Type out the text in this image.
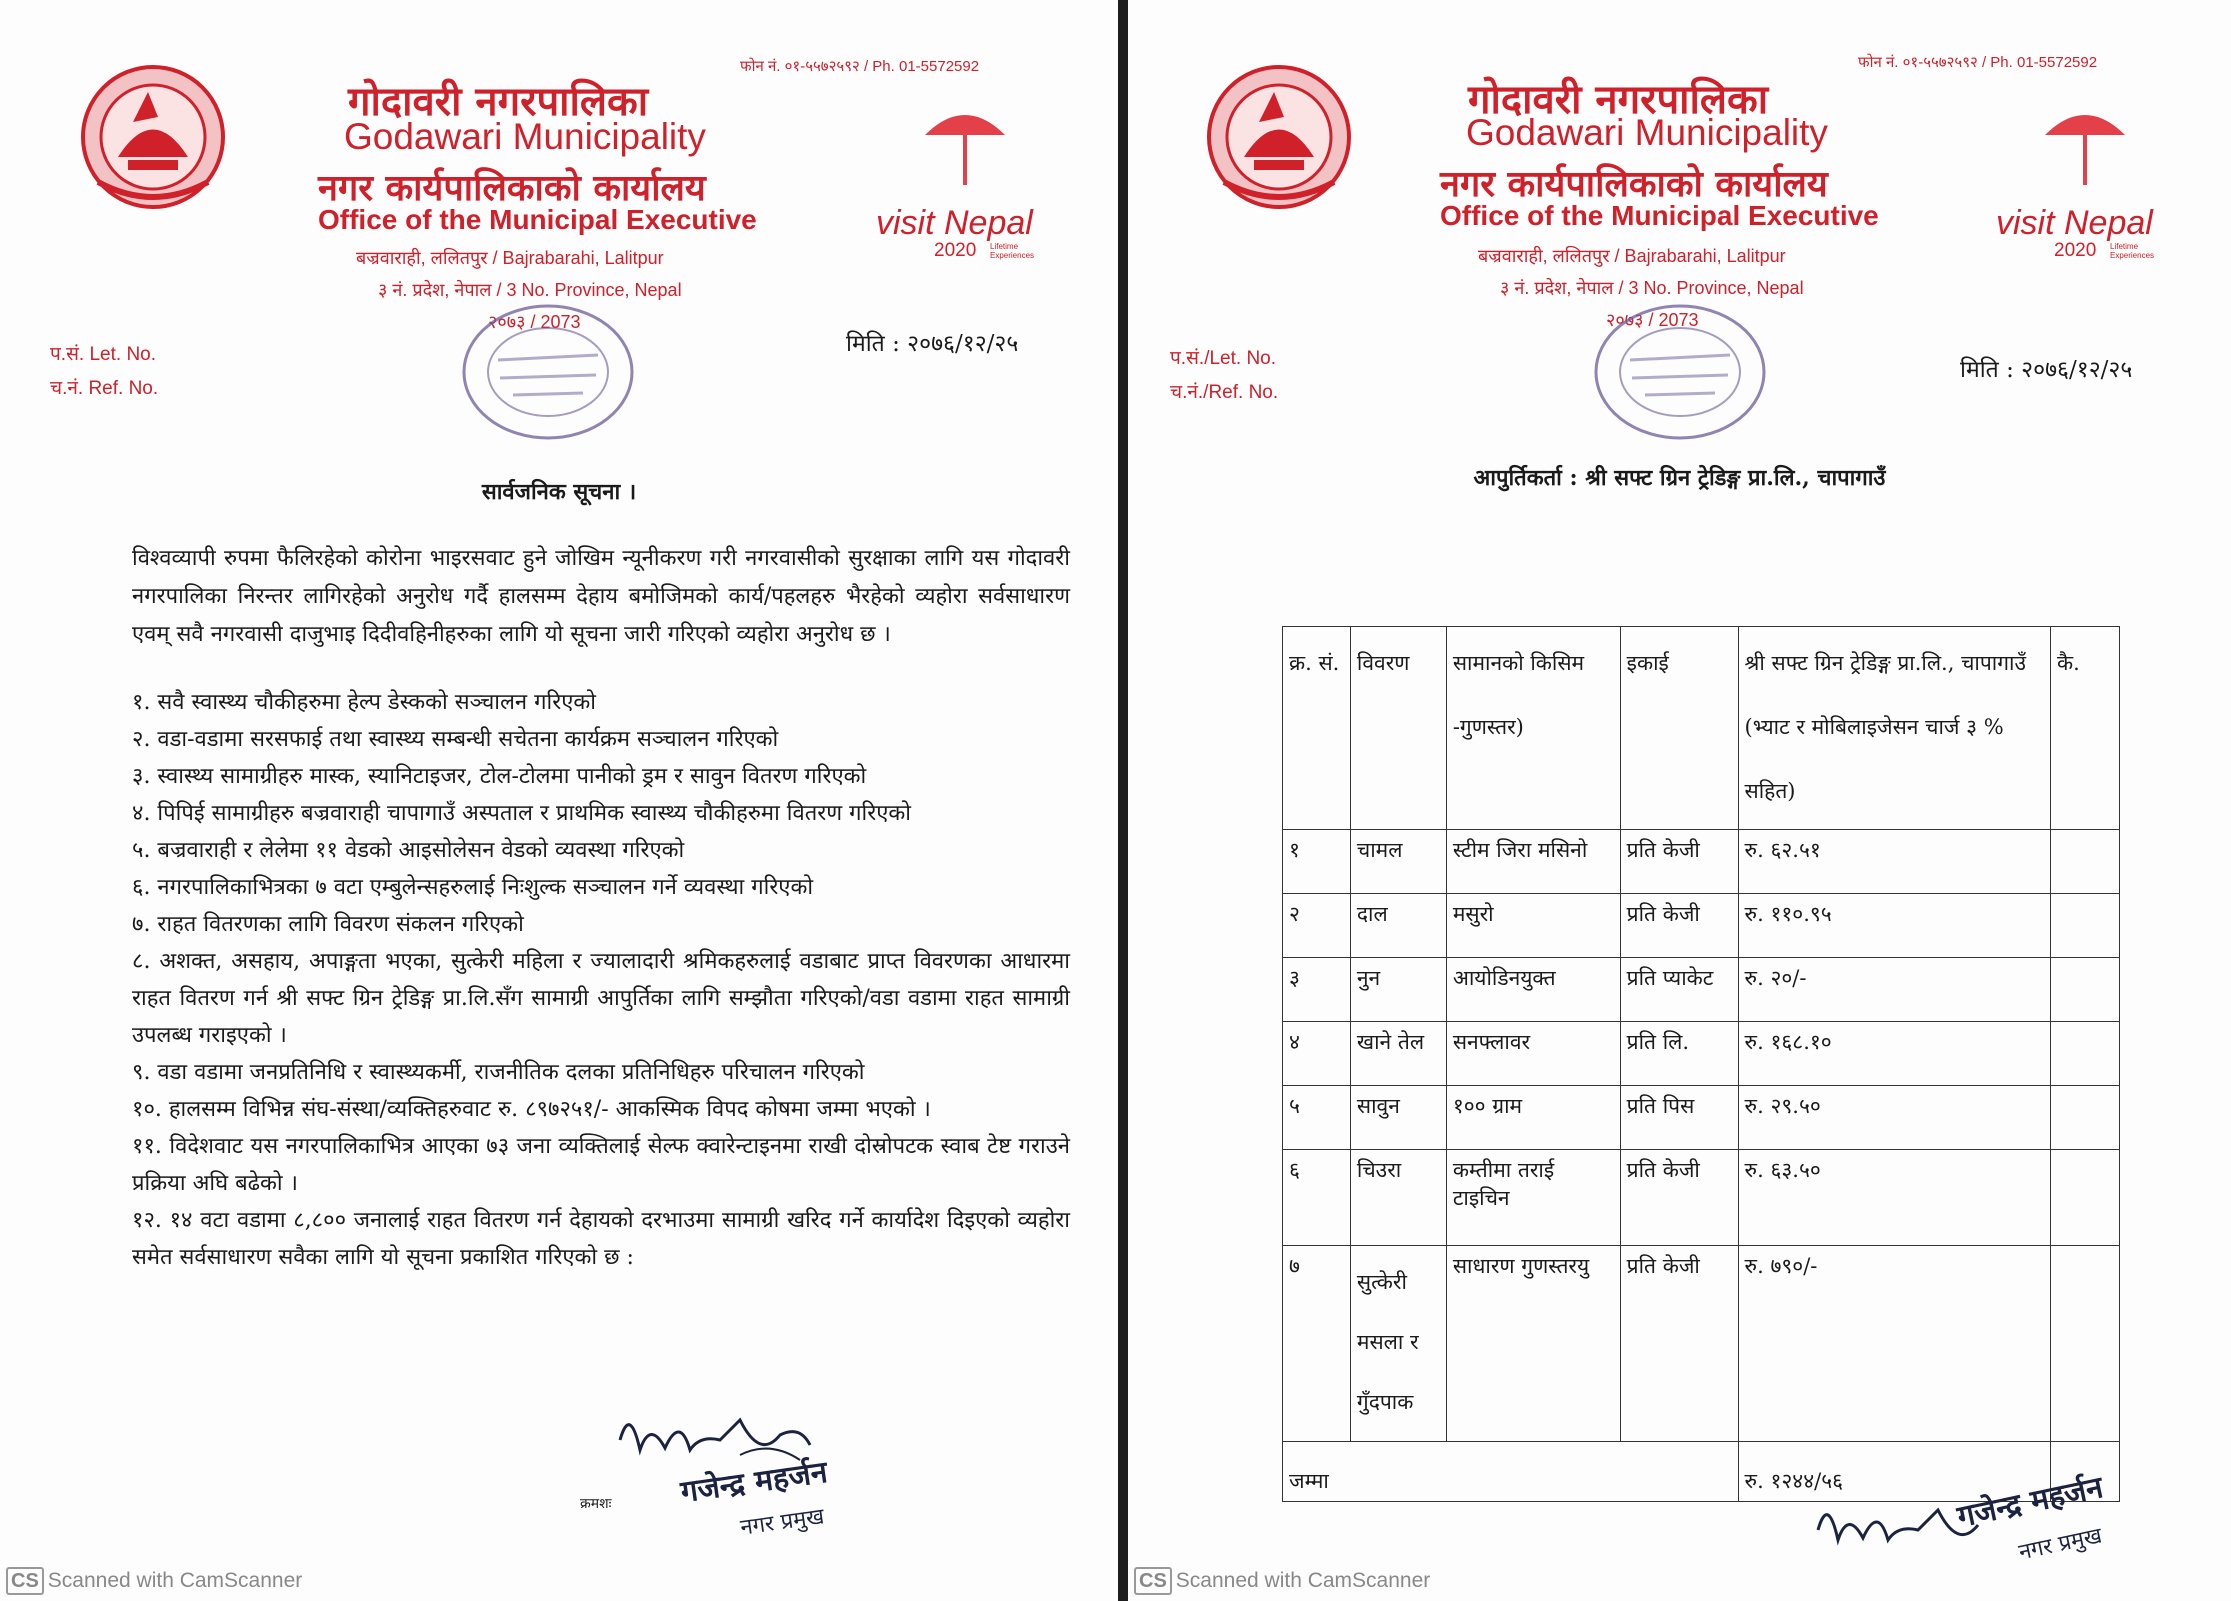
फोन नं. ०१-५५७२५९२ / Ph. 01-5572592
गोदावरी नगरपालिका
Godawari Municipality
नगर कार्यपालिकाको कार्यालय
Office of the Municipal Executive
बज्रवाराही, ललितपुर / Bajrabarahi, Lalitpur
३ नं. प्रदेश, नेपाल / 3 No. Province, Nepal
२०७३ / 2073
visit Nepal
2020 Lifetime Experiences
प.सं. Let. No.
च.नं. Ref. No.
मिति : २०७६/१२/२५
सार्वजनिक सूचना ।

विश्वव्यापी रुपमा फैलिरहेको कोरोना भाइरसवाट हुने जोखिम न्यूनीकरण गरी नगरवासीको सुरक्षाका लागि यस गोदावरी नगरपालिका निरन्तर लागिरहेको अनुरोध गर्दै हालसम्म देहाय बमोजिमको कार्य/पहलहरु भैरहेको व्यहोरा सर्वसाधारण एवम् सवै नगरवासी दाजुभाइ दिदीवहिनीहरुका लागि यो सूचना जारी गरिएको व्यहोरा अनुरोध छ ।

१. सवै स्वास्थ्य चौकीहरुमा हेल्प डेस्कको सञ्चालन गरिएको

२. वडा-वडामा सरसफाई तथा स्वास्थ्य सम्बन्धी सचेतना कार्यक्रम सञ्चालन गरिएको

३. स्वास्थ्य सामाग्रीहरु मास्क, स्यानिटाइजर, टोल-टोलमा पानीको ड्रम र सावुन वितरण गरिएको

४. पिपिई सामाग्रीहरु बज्रवाराही चापागाउँ अस्पताल र प्राथमिक स्वास्थ्य चौकीहरुमा वितरण गरिएको

५. बज्रवाराही र लेलेमा ११ वेडको आइसोलेसन वेडको व्यवस्था गरिएको

६. नगरपालिकाभित्रका ७ वटा एम्बुलेन्सहरुलाई निःशुल्क सञ्चालन गर्ने व्यवस्था गरिएको

७. राहत वितरणका लागि विवरण संकलन गरिएको

८. अशक्त, असहाय, अपाङ्गता भएका, सुत्केरी महिला र ज्यालादारी श्रमिकहरुलाई वडाबाट प्राप्त विवरणका आधारमा राहत वितरण गर्न श्री सफ्ट ग्रिन ट्रेडिङ्ग प्रा.लि.सँग सामाग्री आपुर्तिका लागि सम्झौता गरिएको/वडा वडामा राहत सामाग्री उपलब्ध गराइएको ।

९. वडा वडामा जनप्रतिनिधि र स्वास्थ्यकर्मी, राजनीतिक दलका प्रतिनिधिहरु परिचालन गरिएको

१०. हालसम्म विभिन्न संघ-संस्था/व्यक्तिहरुवाट रु. ८९७२५१/- आकस्मिक विपद कोषमा जम्मा भएको ।

११. विदेशवाट यस नगरपालिकाभित्र आएका ७३ जना व्यक्तिलाई सेल्फ क्वारेन्टाइनमा राखी दोस्रोपटक स्वाब टेष्ट गराउने प्रक्रिया अघि बढेको ।

१२. १४ वटा वडामा ८,८०० जनालाई राहत वितरण गर्न देहायको दरभाउमा सामाग्री खरिद गर्ने कार्यादेश दिइएको व्यहोरा समेत सर्वसाधारण सवैका लागि यो सूचना प्रकाशित गरिएको छ :

क्रमशः गजेन्द्र महर्जन
नगर प्रमुख
CS Scanned with CamScanner
फोन नं. ०१-५५७२५९२ / Ph. 01-5572592
गोदावरी नगरपालिका
Godawari Municipality
नगर कार्यपालिकाको कार्यालय
Office of the Municipal Executive
बज्रवाराही, ललितपुर / Bajrabarahi, Lalitpur
३ नं. प्रदेश, नेपाल / 3 No. Province, Nepal
२०७३ / 2073
visit Nepal
2020 Lifetime Experiences
प.सं./Let. No.
च.नं./Ref. No.
मिति : २०७६/१२/२५
आपुर्तिकर्ता : श्री सफ्ट ग्रिन ट्रेडिङ्ग प्रा.लि., चापागाउँ
क्र. सं.	विवरण	सामानको किसिम -गुणस्तर)	इकाई	श्री सफ्ट ग्रिन ट्रेडिङ्ग प्रा.लि., चापागाउँ (भ्याट र मोबिलाइजेसन चार्ज ३ % सहित)	कै.
१	चामल	स्टीम जिरा मसिनो	प्रति केजी	रु. ६२.५१	
२	दाल	मसुरो	प्रति केजी	रु. ११०.९५	
३	नुन	आयोडिनयुक्त	प्रति प्याकेट	रु. २०/-	
४	खाने तेल	सनफ्लावर	प्रति लि.	रु. १६८.१०	
५	सावुन	१०० ग्राम	प्रति पिस	रु. २९.५०	
६	चिउरा	कम्तीमा तराई टाइचिन	प्रति केजी	रु. ६३.५०	
७	सुत्केरी मसला र गुँदपाक	साधारण गुणस्तरयु	प्रति केजी	रु. ७९०/-	
जम्मा				रु. १२४४/५६		गजेन्द्र महर्जन
नगर प्रमुख
CS Scanned with CamScanner
